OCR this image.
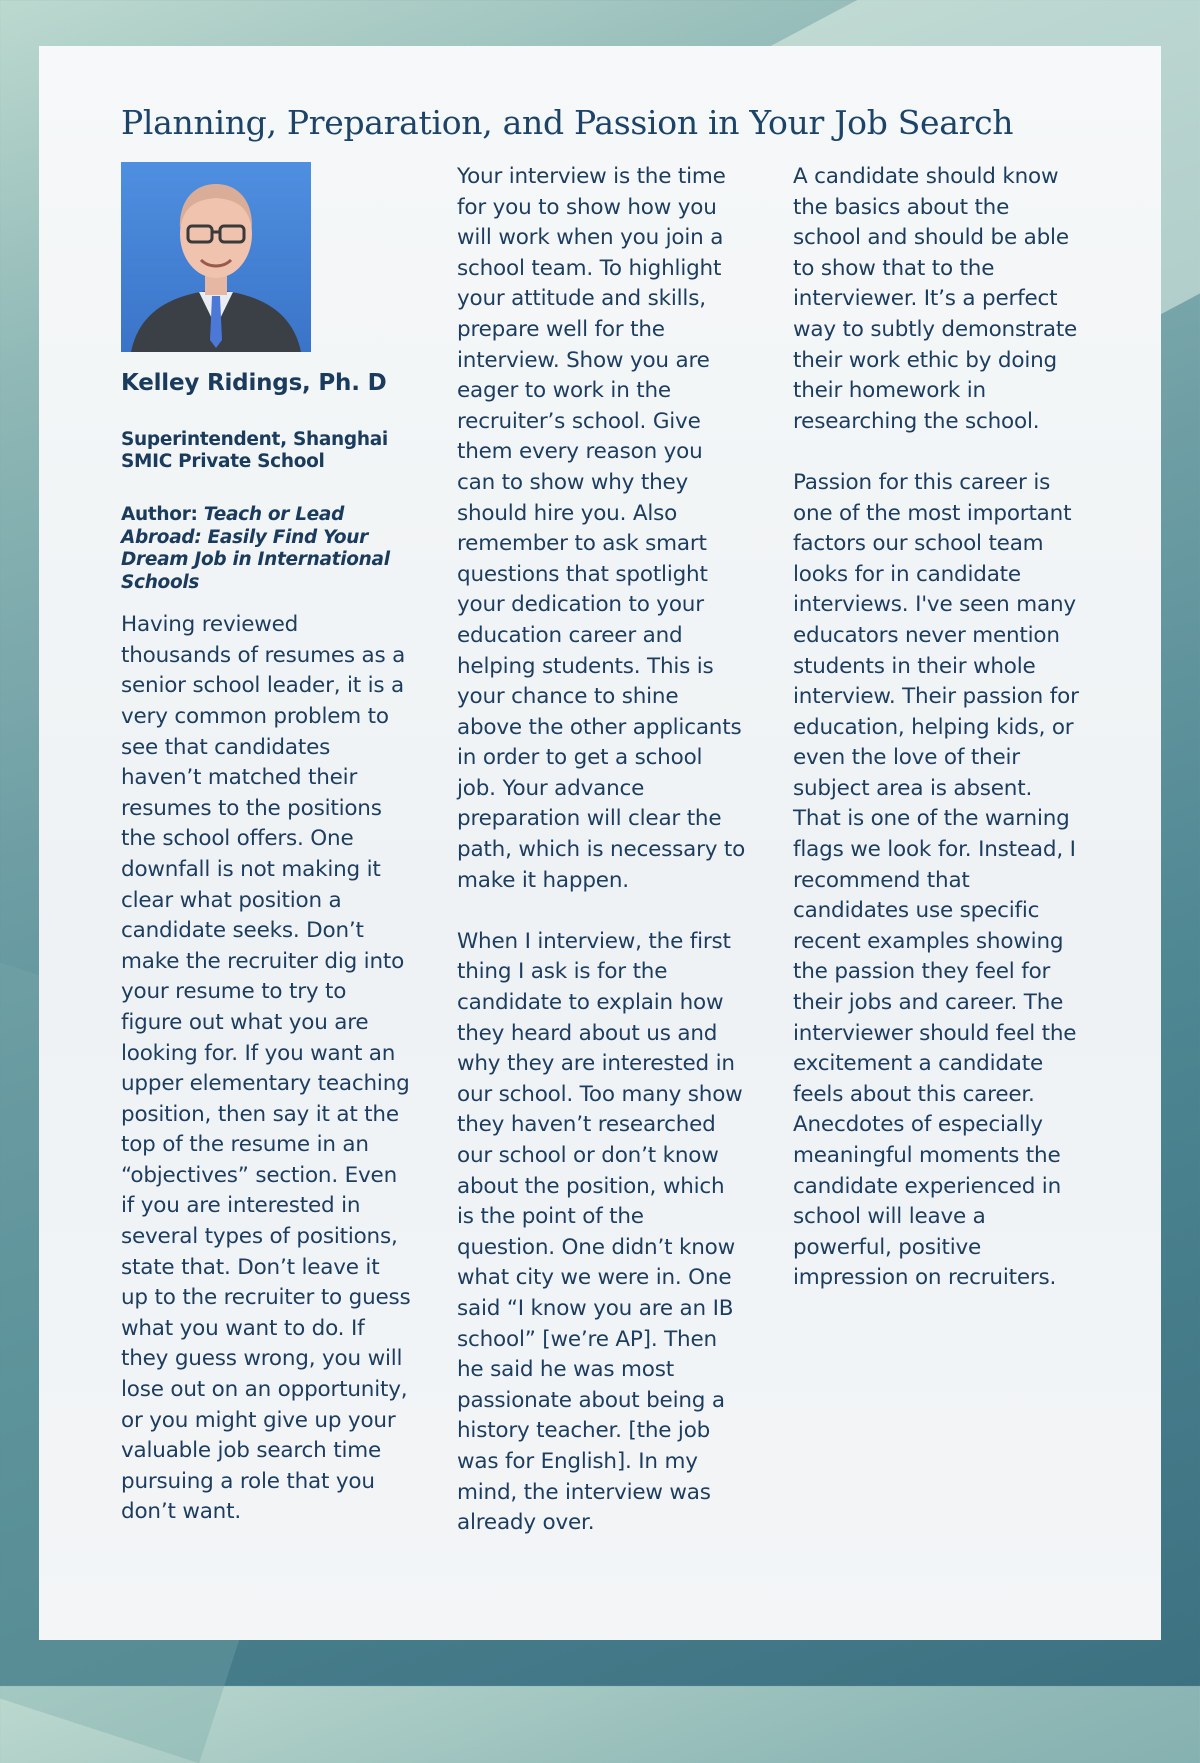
Planning, Preparation, and Passion in Your Job Search

Kelley Ridings, Ph. D

Superintendent, Shanghai SMIC Private School

Author: Teach or Lead Abroad: Easily Find Your Dream Job in International Schools

Having reviewed thousands of resumes as a senior school leader, it is a very common problem to see that candidates haven’t matched their resumes to the positions the school offers. One downfall is not making it clear what position a candidate seeks. Don’t make the recruiter dig into your resume to try to figure out what you are looking for. If you want an upper elementary teaching position, then say it at the top of the resume in an “objectives” section. Even if you are interested in several types of positions, state that. Don’t leave it up to the recruiter to guess what you want to do. If they guess wrong, you will lose out on an opportunity, or you might give up your valuable job search time pursuing a role that you don’t want.

Your interview is the time for you to show how you will work when you join a school team. To highlight your attitude and skills, prepare well for the interview. Show you are eager to work in the recruiter’s school. Give them every reason you can to show why they should hire you. Also remember to ask smart questions that spotlight your dedication to your education career and helping students. This is your chance to shine above the other applicants in order to get a school job. Your advance preparation will clear the path, which is necessary to make it happen.

When I interview, the first thing I ask is for the candidate to explain how they heard about us and why they are interested in our school. Too many show they haven’t researched our school or don’t know about the position, which is the point of the question. One didn’t know what city we were in. One said “I know you are an IB school” [we’re AP]. Then he said he was most passionate about being a history teacher. [the job was for English]. In my mind, the interview was already over.

A candidate should know the basics about the school and should be able to show that to the interviewer. It’s a perfect way to subtly demonstrate their work ethic by doing their homework in researching the school.

Passion for this career is one of the most important factors our school team looks for in candidate interviews. I've seen many educators never mention students in their whole interview. Their passion for education, helping kids, or even the love of their subject area is absent. That is one of the warning flags we look for. Instead, I recommend that candidates use specific recent examples showing the passion they feel for their jobs and career. The interviewer should feel the excitement a candidate feels about this career. Anecdotes of especially meaningful moments the candidate experienced in school will leave a powerful, positive impression on recruiters.
